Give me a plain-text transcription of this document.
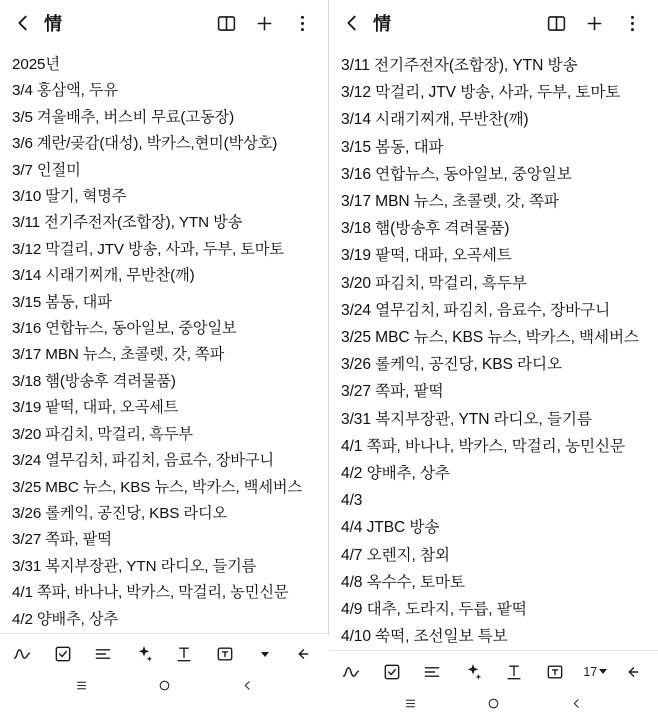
情
2025년
3/4 홍삼액, 두유
3/5 겨울배추, 버스비 무료(고동장)
3/6 계란/곶감(대성), 박카스,현미(박상호)
3/7 인절미
3/10 딸기, 혁명주
3/11 전기주전자(조합장), YTN 방송
3/12 막걸리, JTV 방송, 사과, 두부, 토마토
3/14 시래기찌개, 무반찬(깨)
3/15 봄동, 대파
3/16 연합뉴스, 동아일보, 중앙일보
3/17 MBN 뉴스, 초콜렛, 갓, 쪽파
3/18 햄(방송후 격려물품)
3/19 팥떡, 대파, 오곡세트
3/20 파김치, 막걸리, 흑두부
3/24 열무김치, 파김치, 음료수, 장바구니
3/25 MBC 뉴스, KBS 뉴스, 박카스, 백세버스
3/26 롤케익, 공진당, KBS 라디오
3/27 쪽파, 팥떡
3/31 복지부장관, YTN 라디오, 들기름
4/1 쪽파, 바나나, 박카스, 막걸리, 농민신문
4/2 양배추, 상추
情
3/11 전기주전자(조합장), YTN 방송
3/12 막걸리, JTV 방송, 사과, 두부, 토마토
3/14 시래기찌개, 무반찬(깨)
3/15 봄동, 대파
3/16 연합뉴스, 동아일보, 중앙일보
3/17 MBN 뉴스, 초콜렛, 갓, 쪽파
3/18 햄(방송후 격려물품)
3/19 팥떡, 대파, 오곡세트
3/20 파김치, 막걸리, 흑두부
3/24 열무김치, 파김치, 음료수, 장바구니
3/25 MBC 뉴스, KBS 뉴스, 박카스, 백세버스
3/26 롤케익, 공진당, KBS 라디오
3/27 쪽파, 팥떡
3/31 복지부장관, YTN 라디오, 들기름
4/1 쪽파, 바나나, 박카스, 막걸리, 농민신문
4/2 양배추, 상추
4/3
4/4 JTBC 방송
4/7 오렌지, 참외
4/8 옥수수, 토마토
4/9 대추, 도라지, 두릅, 팥떡
4/10 쑥떡, 조선일보 특보
17
